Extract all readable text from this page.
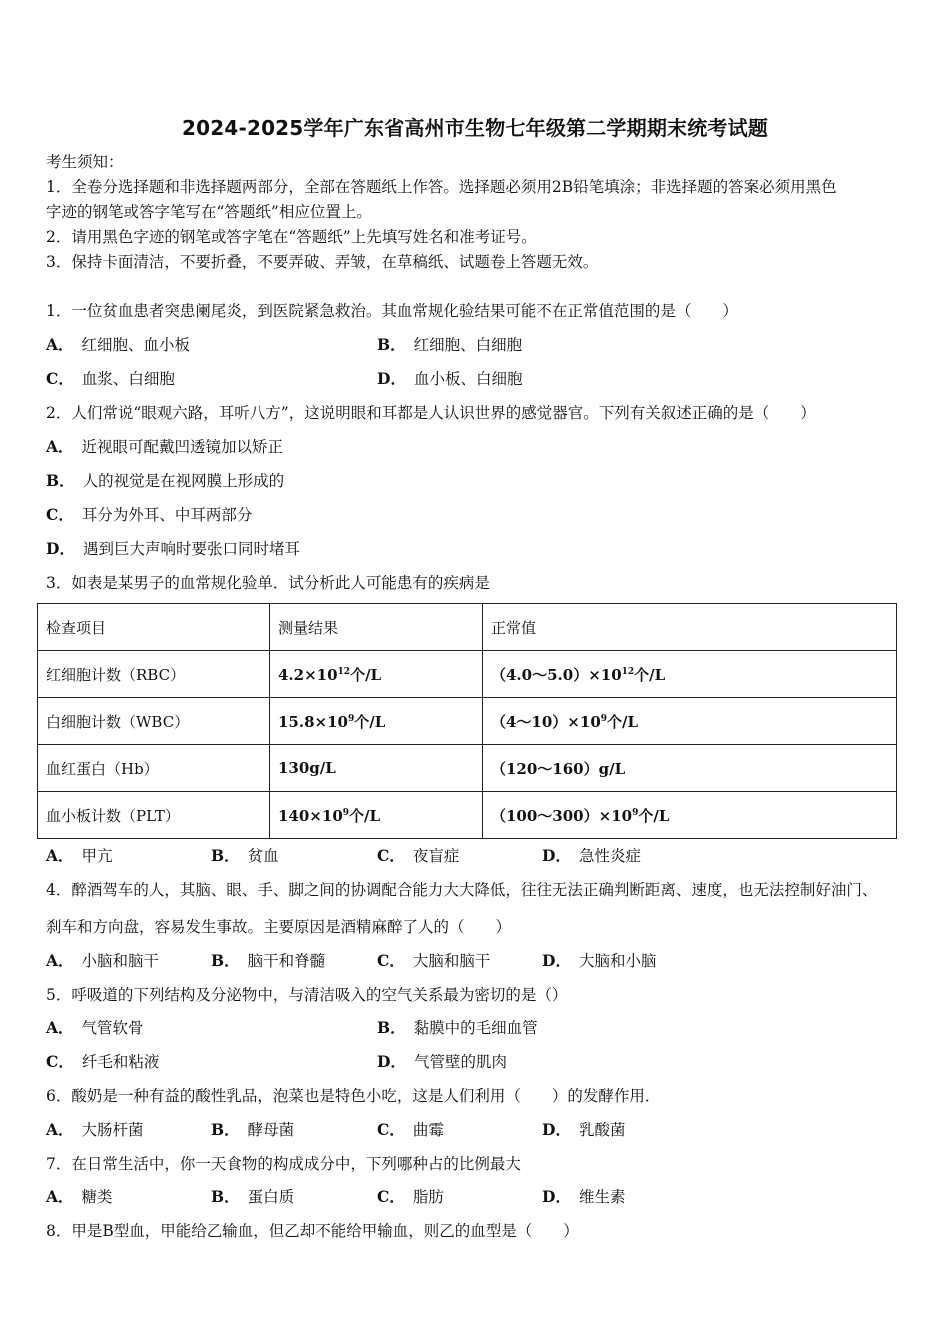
2024-2025学年广东省高州市生物七年级第二学期期末统考试题
考生须知：
1．全卷分选择题和非选择题两部分，全部在答题纸上作答。选择题必须用2B铅笔填涂；非选择题的答案必须用黑色
字迹的钢笔或答字笔写在“答题纸”相应位置上。
2．请用黑色字迹的钢笔或答字笔在“答题纸”上先填写姓名和准考证号。
3．保持卡面清洁，不要折叠，不要弄破、弄皱，在草稿纸、试题卷上答题无效。
1．一位贫血患者突患阑尾炎，到医院紧急救治。其血常规化验结果可能不在正常值范围的是（　　）
A． 红细胞、血小板	B． 红细胞、白细胞
C． 血浆、白细胞	D． 血小板、白细胞
2．人们常说“眼观六路，耳听八方”，这说明眼和耳都是人认识世界的感觉器官。下列有关叙述正确的是（　　）
A． 近视眼可配戴凹透镜加以矫正
B． 人的视觉是在视网膜上形成的
C． 耳分为外耳、中耳两部分
D． 遇到巨大声响时要张口同时堵耳
3．如表是某男子的血常规化验单．试分析此人可能患有的疾病是
检查项目	测量结果	正常值
红细胞计数（RBC）	$4.2\times 10^{12}$个/L	$(4.0\sim 5.0)\times 10^{12}$个/L
白细胞计数（WBC）	$15.8\times 10^9$个/L	$(4\sim 10)\times 10^9$个/L
血红蛋白（Hb）	130g/L	（120～160）g/L
血小板计数（PLT）	$140\times 10^9$个/L	$(100\sim 300)\times 10^9$个/L
A． 甲亢	B． 贫血	C． 夜盲症	D． 急性炎症
4．醉酒驾车的人，其脑、眼、手、脚之间的协调配合能力大大降低，往往无法正确判断距离、速度，也无法控制好油门、
刹车和方向盘，容易发生事故。主要原因是酒精麻醉了人的（　　）
A． 小脑和脑干	B． 脑干和脊髓	C． 大脑和脑干	D． 大脑和小脑
5．呼吸道的下列结构及分泌物中，与清洁吸入的空气关系最为密切的是（）
A． 气管软骨	B． 黏膜中的毛细血管
C． 纤毛和粘液	D． 气管壁的肌肉
6．酸奶是一种有益的酸性乳品，泡菜也是特色小吃，这是人们利用（　　）的发酵作用．
A． 大肠杆菌	B． 酵母菌	C． 曲霉	D． 乳酸菌
7．在日常生活中，你一天食物的构成成分中，下列哪种占的比例最大
A． 糖类	B． 蛋白质	C． 脂肪	D． 维生素
8．甲是B型血，甲能给乙输血，但乙却不能给甲输血，则乙的血型是（　　）
